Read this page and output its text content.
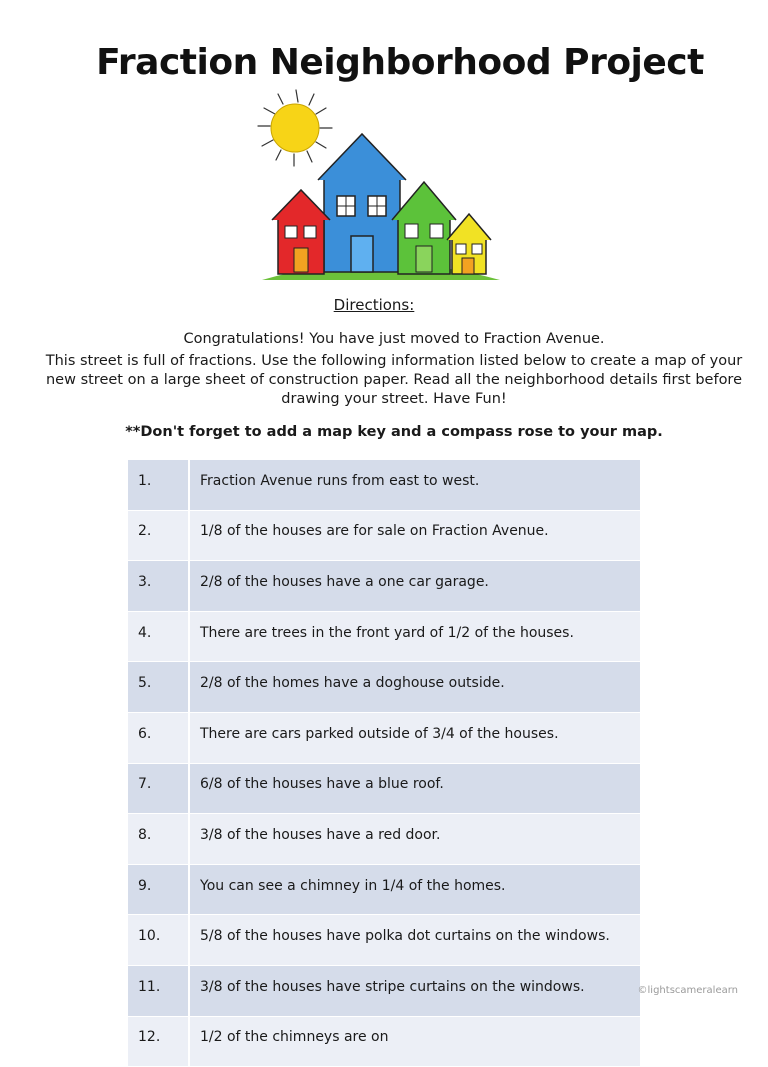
Fraction Neighborhood Project
Directions:

Congratulations! You have just moved to Fraction Avenue.

This street is full of fractions. Use the following information listed below to create a map of your new street on a large sheet of construction paper. Read all the neighborhood details first before drawing your street. Have Fun!

**Don't forget to add a map key and a compass rose to your map.
1.	Fraction Avenue runs from east to west.
2.	1/8 of the houses are for sale on Fraction Avenue.
3.	2/8 of the houses have a one car garage.
4.	There are trees in the front yard of 1/2 of the houses.
5.	2/8 of the homes have a doghouse outside.
6.	There are cars parked outside of 3/4 of the houses.
7.	6/8 of the houses have a blue roof.
8.	3/8 of the houses have a red door.
9.	You can see a chimney in 1/4 of the homes.
10.	5/8 of the houses have polka dot curtains on the windows.
11.	3/8 of the houses have stripe curtains on the windows.
12.	1/2 of the chimneys are on
©lightscameralearn
